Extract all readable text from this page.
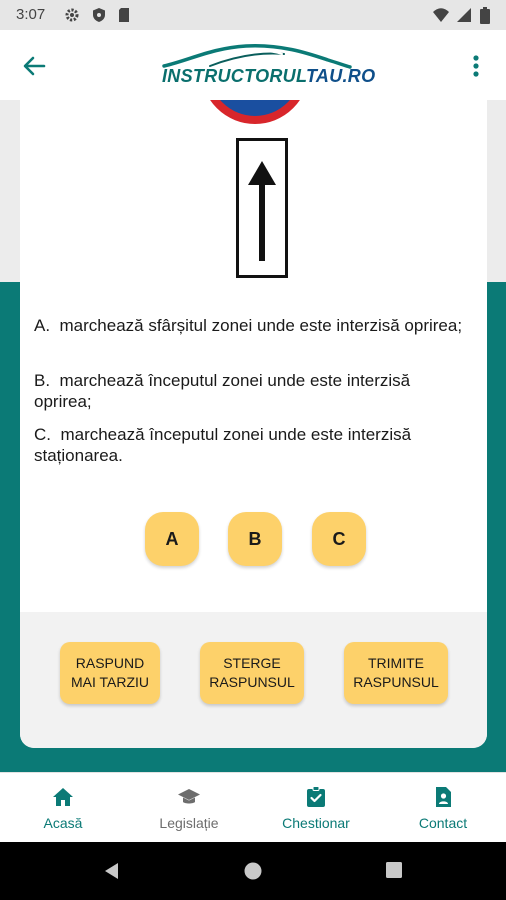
3:07
INSTRUCTORULTAU.RO
A. marchează sfârșitul zonei unde este interzisă oprirea;
B. marchează începutul zonei unde este interzisă oprirea;
C. marchează începutul zonei unde este interzisă staționarea.
A	B	C
RASPUND
MAI TARZIU
STERGE
RASPUNSUL
TRIMITE
RASPUNSUL
Acasă	Legislație	Chestionar	Contact
